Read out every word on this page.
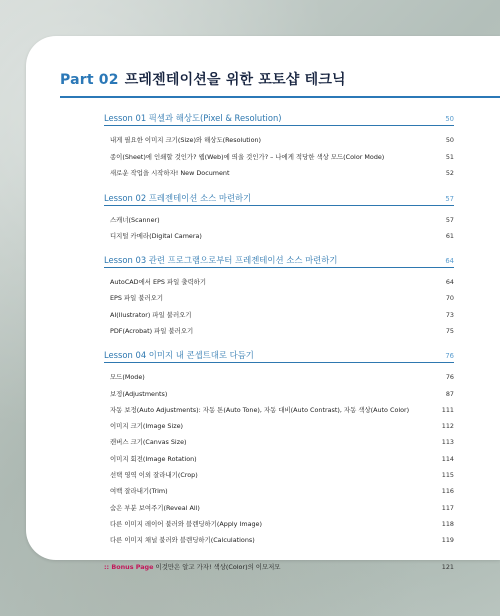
Part 02 프레젠테이션을 위한 포토샵 테크닉
Lesson 01 픽셀과 해상도(Pixel & Resolution)	50
내게 필요한 이미지 크기(Size)와 해상도(Resolution)	50
종이(Sheet)에 인쇄할 것인가? 웹(Web)에 띄울 것인가? – 나에게 적당한 색상 모드(Color Mode)	51
새로운 작업을 시작하자! New Document	52
Lesson 02 프레젠테이션 소스 마련하기	57
스캐너(Scanner)	57
디지털 카메라(Digital Camera)	61
Lesson 03 관련 프로그램으로부터 프레젠테이션 소스 마련하기	64
AutoCAD에서 EPS 파일 출력하기	64
EPS 파일 불러오기	70
AI(Ilustrator) 파일 불러오기	73
PDF(Acrobat) 파일 불러오기	75
Lesson 04 이미지 내 콘셉트대로 다듬기	76
모드(Mode)	76
보정(Adjustments)	87
자동 보정(Auto Adjustments): 자동 톤(Auto Tone), 자동 대비(Auto Contrast), 자동 색상(Auto Color)	111
이미지 크기(Image Size)	112
캔버스 크기(Canvas Size)	113
이미지 회전(Image Rotation)	114
선택 영역 이외 잘라내기(Crop)	115
여백 잘라내기(Trim)	116
숨은 부분 보여주기(Reveal All)	117
다른 이미지 레이어 불러와 블렌딩하기(Apply Image)	118
다른 이미지 채널 불러와 블렌딩하기(Calculations)	119
:: Bonus Page 이것만은 알고 가자! 색상(Color)의 이모저모	121
